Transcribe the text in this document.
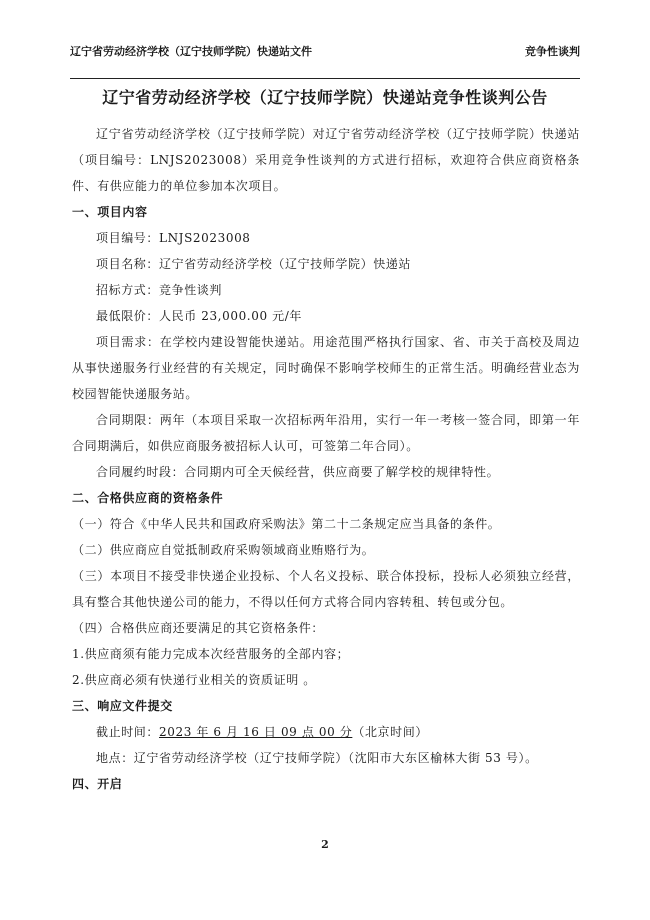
辽宁省劳动经济学校（辽宁技师学院）快递站文件	竞争性谈判
辽宁省劳动经济学校（辽宁技师学院）快递站竞争性谈判公告

辽宁省劳动经济学校（辽宁技师学院）对辽宁省劳动经济学校（辽宁技师学院）快递站（项目编号：LNJS2023008）采用竞争性谈判的方式进行招标，欢迎符合供应商资格条件、有供应能力的单位参加本次项目。

一、项目内容

项目编号：LNJS2023008

项目名称：辽宁省劳动经济学校（辽宁技师学院）快递站

招标方式：竞争性谈判

最低限价：人民币 23,000.00 元/年

项目需求：在学校内建设智能快递站。用途范围严格执行国家、省、市关于高校及周边从事快递服务行业经营的有关规定，同时确保不影响学校师生的正常生活。明确经营业态为校园智能快递服务站。

合同期限：两年（本项目采取一次招标两年沿用，实行一年一考核一签合同，即第一年合同期满后，如供应商服务被招标人认可，可签第二年合同）。

合同履约时段：合同期内可全天候经营，供应商要了解学校的规律特性。

二、合格供应商的资格条件

（一）符合《中华人民共和国政府采购法》第二十二条规定应当具备的条件。

（二）供应商应自觉抵制政府采购领域商业贿赂行为。

（三）本项目不接受非快递企业投标、个人名义投标、联合体投标，投标人必须独立经营，具有整合其他快递公司的能力，不得以任何方式将合同内容转租、转包或分包。

（四）合格供应商还要满足的其它资格条件：

1.供应商须有能力完成本次经营服务的全部内容；

2.供应商必须有快递行业相关的资质证明 。

三、响应文件提交

截止时间：2023 年 6 月 16 日 09 点 00 分（北京时间）

地点：辽宁省劳动经济学校（辽宁技师学院）（沈阳市大东区榆林大街 53 号）。

四、开启

2
